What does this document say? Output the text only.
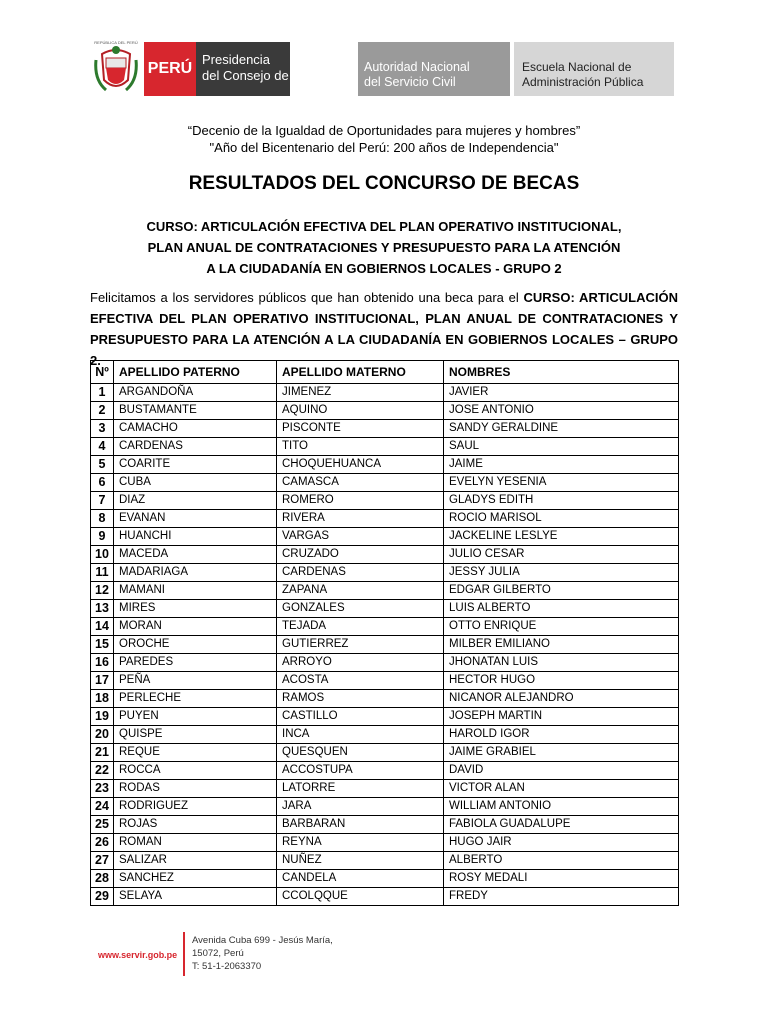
REPÚBLICA DEL PERÚ
PERÚ
Presidencia
del Consejo de Ministros
Autoridad Nacional
del Servicio Civil
Escuela Nacional de
Administración Pública
“Decenio de la Igualdad de Oportunidades para mujeres y hombres”
"Año del Bicentenario del Perú: 200 años de Independencia"
RESULTADOS DEL CONCURSO DE BECAS
CURSO: ARTICULACIÓN EFECTIVA DEL PLAN OPERATIVO INSTITUCIONAL,
PLAN ANUAL DE CONTRATACIONES Y PRESUPUESTO PARA LA ATENCIÓN
A LA CIUDADANÍA EN GOBIERNOS LOCALES - GRUPO 2

Felicitamos a los servidores públicos que han obtenido una beca para el CURSO: ARTICULACIÓN EFECTIVA DEL PLAN OPERATIVO INSTITUCIONAL, PLAN ANUAL DE CONTRATACIONES Y PRESUPUESTO PARA LA ATENCIÓN A LA CIUDADANÍA EN GOBIERNOS LOCALES – GRUPO 2.

Nº	APELLIDO PATERNO	APELLIDO MATERNO	NOMBRES
1	ARGANDOÑA	JIMENEZ	JAVIER
2	BUSTAMANTE	AQUINO	JOSE ANTONIO
3	CAMACHO	PISCONTE	SANDY GERALDINE
4	CARDENAS	TITO	SAUL
5	COARITE	CHOQUEHUANCA	JAIME
6	CUBA	CAMASCA	EVELYN YESENIA
7	DIAZ	ROMERO	GLADYS EDITH
8	EVANAN	RIVERA	ROCIO MARISOL
9	HUANCHI	VARGAS	JACKELINE LESLYE
10	MACEDA	CRUZADO	JULIO CESAR
11	MADARIAGA	CARDENAS	JESSY JULIA
12	MAMANI	ZAPANA	EDGAR GILBERTO
13	MIRES	GONZALES	LUIS ALBERTO
14	MORAN	TEJADA	OTTO ENRIQUE
15	OROCHE	GUTIERREZ	MILBER EMILIANO
16	PAREDES	ARROYO	JHONATAN LUIS
17	PEÑA	ACOSTA	HECTOR HUGO
18	PERLECHE	RAMOS	NICANOR ALEJANDRO
19	PUYEN	CASTILLO	JOSEPH MARTIN
20	QUISPE	INCA	HAROLD IGOR
21	REQUE	QUESQUEN	JAIME GRABIEL
22	ROCCA	ACCOSTUPA	DAVID
23	RODAS	LATORRE	VICTOR ALAN
24	RODRIGUEZ	JARA	WILLIAM ANTONIO
25	ROJAS	BARBARAN	FABIOLA GUADALUPE
26	ROMAN	REYNA	HUGO JAIR
27	SALIZAR	NUÑEZ	ALBERTO
28	SANCHEZ	CANDELA	ROSY MEDALI
29	SELAYA	CCOLQQUE	FREDY
www.servir.gob.pe
Avenida Cuba 699 - Jesús María,
15072, Perú
T: 51-1-2063370
